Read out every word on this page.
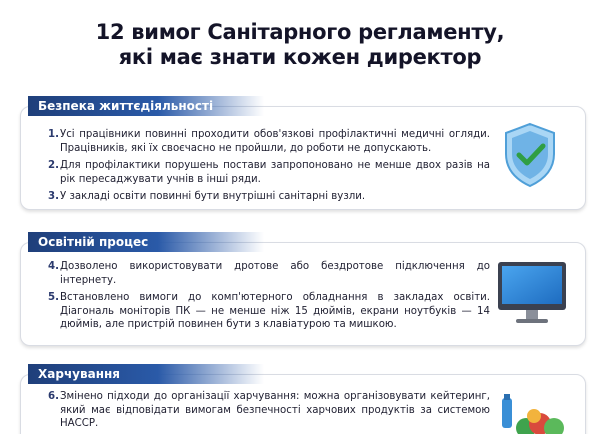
12 вимог Санітарного регламенту,
які має знати кожен директор
Безпека життєдіяльності
1. Усі працівники повинні проходити обов'язкові профілактичні медичні огляди. Працівників, які їх своєчасно не пройшли, до роботи не допускають.
2. Для профілактики порушень постави запропоновано не менше двох разів на рік пересаджувати учнів в інші ряди.
3. У закладі освіти повинні бути внутрішні санітарні вузли.
Освітній процес
4. Дозволено використовувати дротове або бездротове підключення до інтернету.
5. Встановлено вимоги до комп'ютерного обладнання в закладах освіти. Діагональ моніторів ПК — не менше ніж 15 дюймів, екрани ноутбуків — 14 дюймів, але пристрій повинен бути з клавіатурою та мишкою.
Харчування
6. Змінено підходи до організації харчування: можна організовувати кейтеринг, який має відповідати вимогам безпечності харчових продуктів за системою НАССР.
